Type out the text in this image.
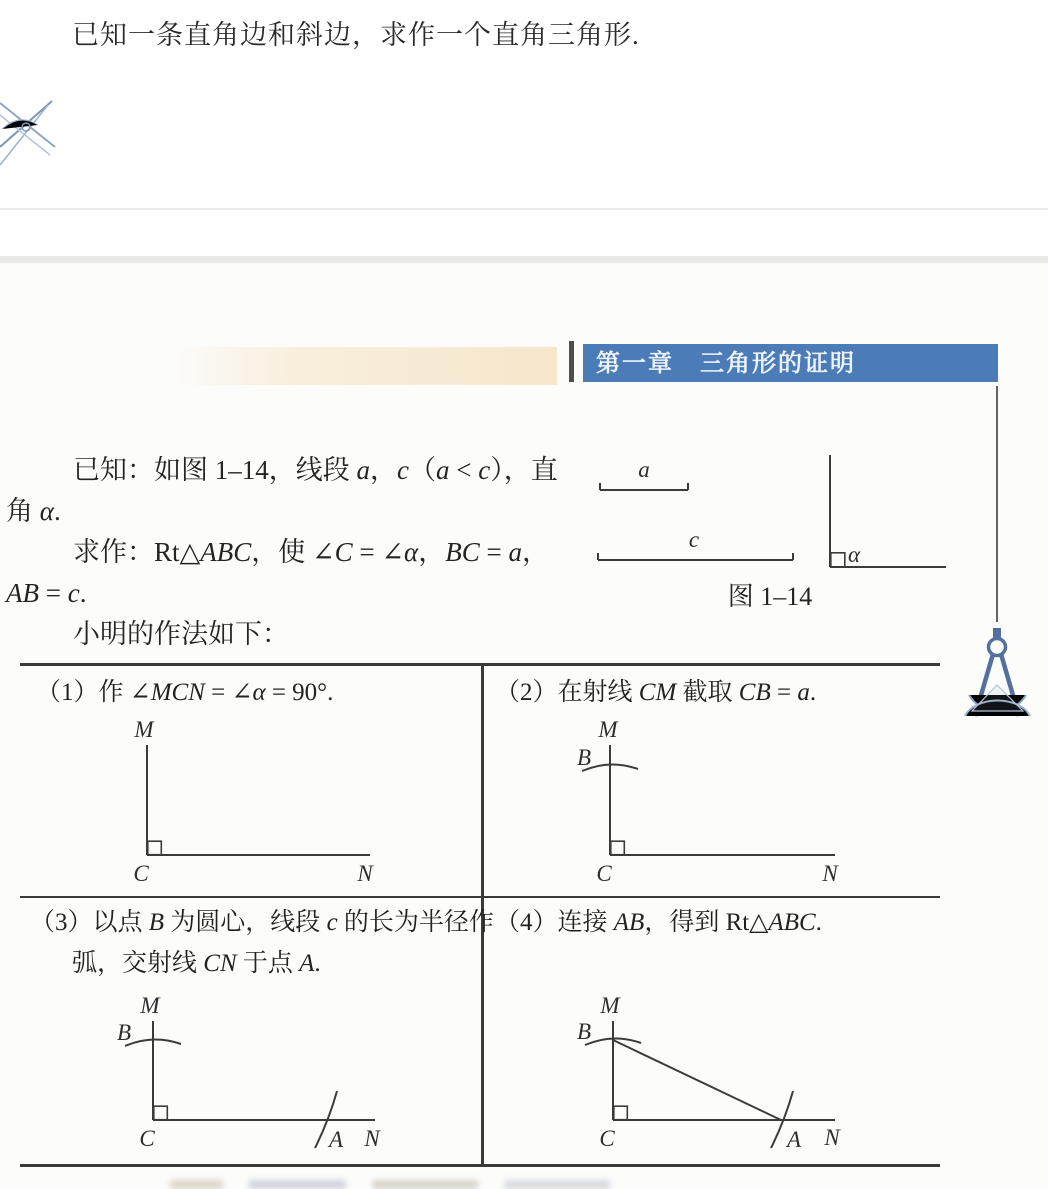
已知一条直角边和斜边，求作一个直角三角形.
第一章　三角形的证明
已知：如图 1–14，线段 a，c（a < c），直
角 α.
求作：Rt△ABC，使 ∠C = ∠α，BC = a，
AB = c.
小明的作法如下：
a
c
α
图 1–14
（1）作 ∠MCN = ∠α = 90°.	（2）在射线 CM 截取 CB = a.
（3）以点 B 为圆心，线段 c 的长为半径作
弧，交射线 CN 于点 A.
（4）连接 AB，得到 Rt△ABC.
M
C	N
M
B
C	N
M
B
C	A N
M
B
C	A N
